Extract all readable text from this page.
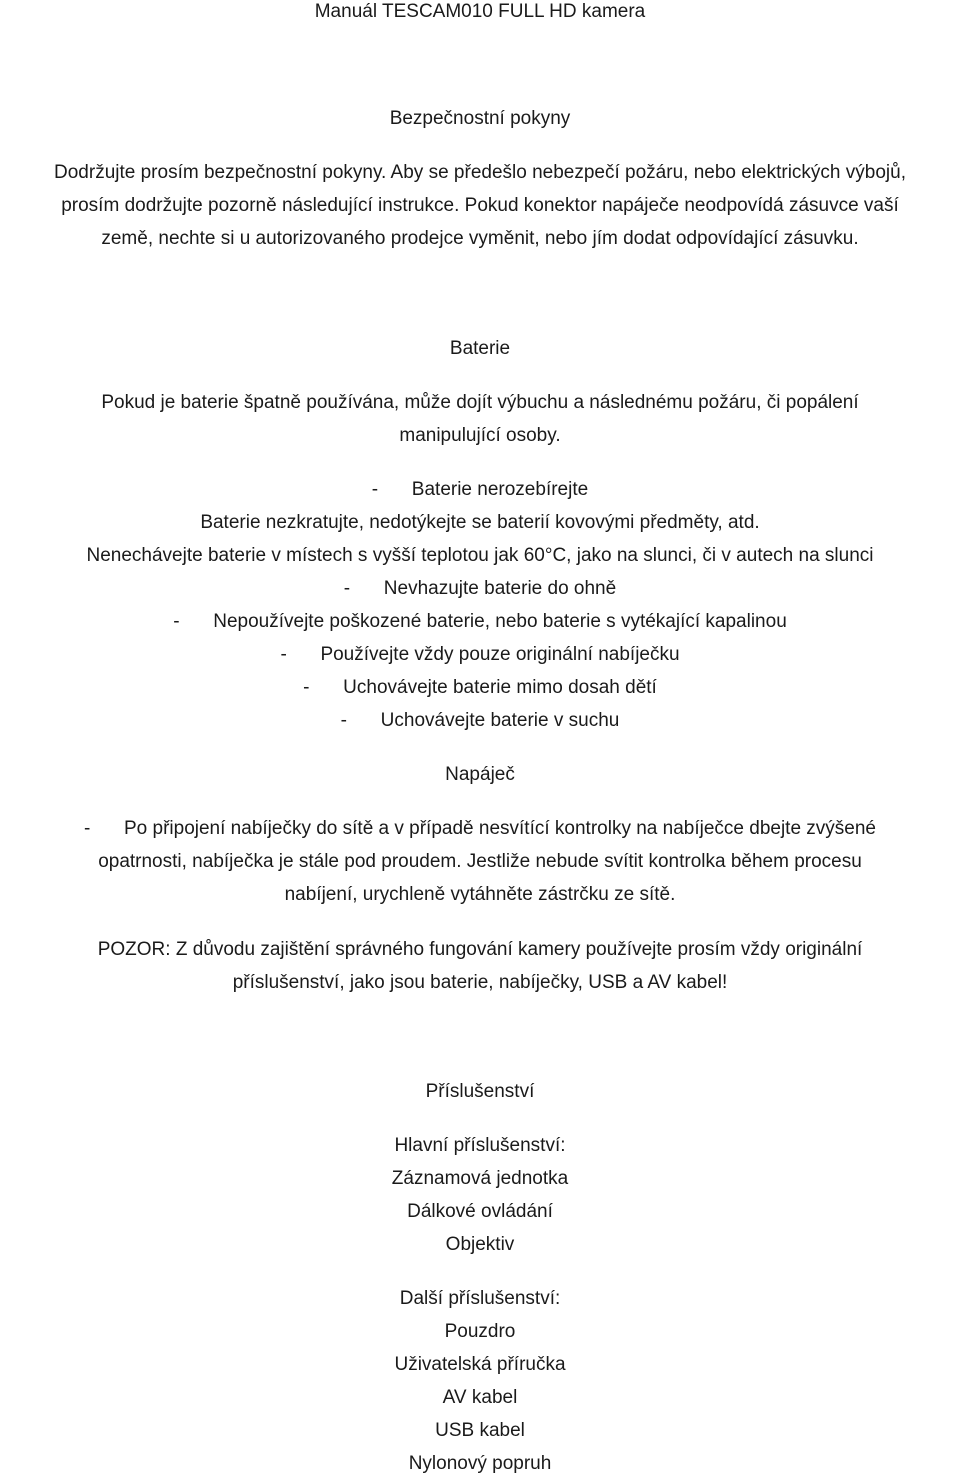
Manuál TESCAM010 FULL HD kamera
Bezpečnostní pokyny
Dodržujte prosím bezpečnostní pokyny. Aby se předešlo nebezpečí požáru, nebo elektrických výbojů,
prosím dodržujte pozorně následující instrukce. Pokud konektor napáječe neodpovídá zásuvce vaší
země, nechte si u autorizovaného prodejce vyměnit, nebo jím dodat odpovídající zásuvku.
Baterie
Pokud je baterie špatně používána, může dojít výbuchu a následnému požáru, či popálení
manipulující osoby.
- Baterie nerozebírejte
Baterie nezkratujte, nedotýkejte se baterií kovovými předměty, atd.
Nenechávejte baterie v místech s vyšší teplotou jak 60°C, jako na slunci, či v autech na slunci
- Nevhazujte baterie do ohně
- Nepoužívejte poškozené baterie, nebo baterie s vytékající kapalinou
- Používejte vždy pouze originální nabíječku
- Uchovávejte baterie mimo dosah dětí
- Uchovávejte baterie v suchu
Napáječ
- Po připojení nabíječky do sítě a v případě nesvítící kontrolky na nabíječce dbejte zvýšené
opatrnosti, nabíječka je stále pod proudem. Jestliže nebude svítit kontrolka během procesu
nabíjení, urychleně vytáhněte zástrčku ze sítě.
POZOR: Z důvodu zajištění správného fungování kamery používejte prosím vždy originální
příslušenství, jako jsou baterie, nabíječky, USB a AV kabel!
Příslušenství
Hlavní příslušenství:
Záznamová jednotka
Dálkové ovládání
Objektiv
Další příslušenství:
Pouzdro
Uživatelská příručka
AV kabel
USB kabel
Nylonový popruh
